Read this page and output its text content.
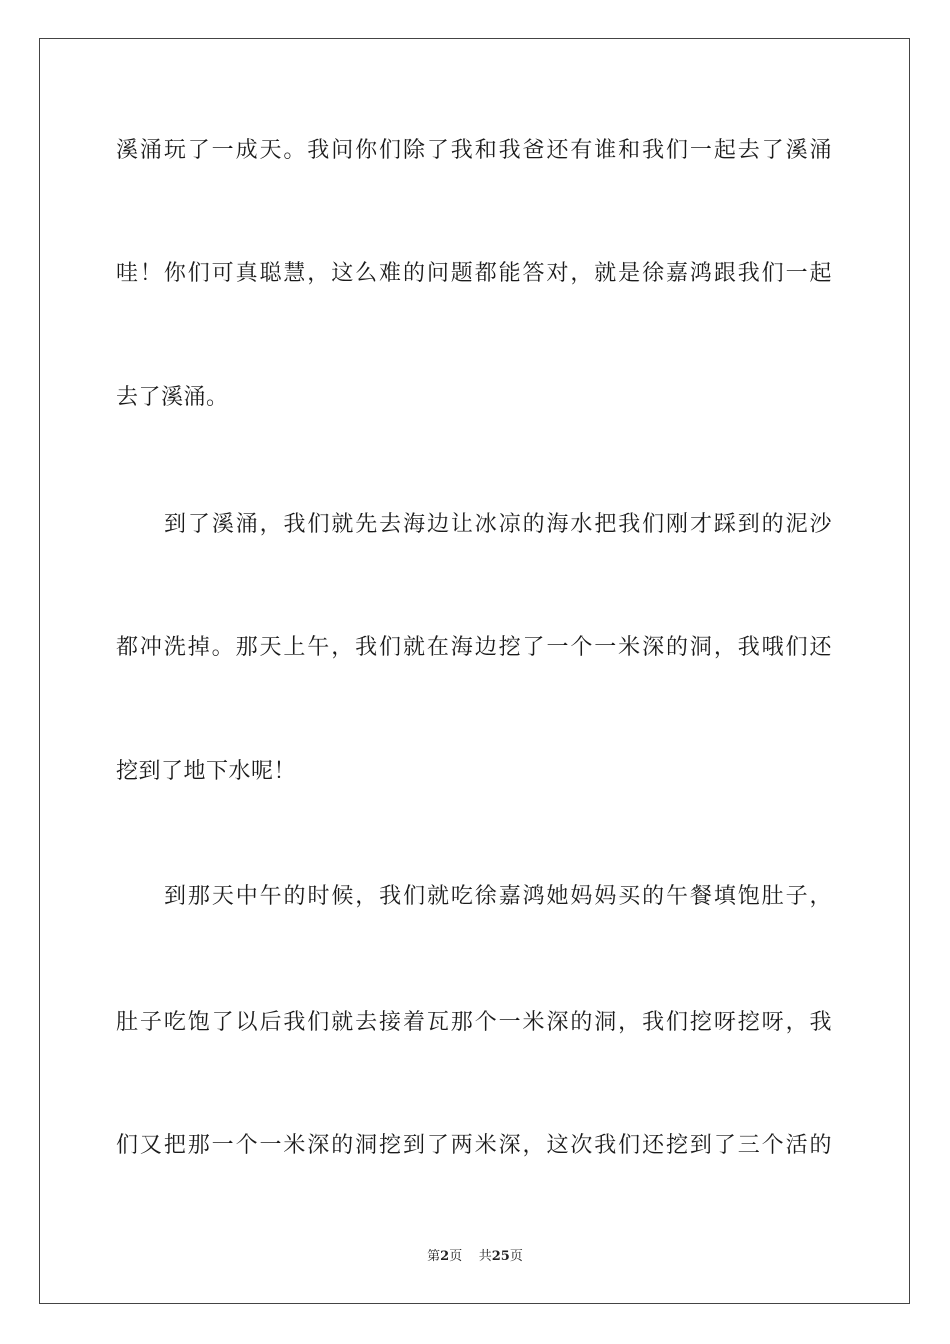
溪涌玩了一成天。我问你们除了我和我爸还有谁和我们一起去了溪涌
哇！你们可真聪慧，这么难的问题都能答对，就是徐嘉鸿跟我们一起
去了溪涌。
到了溪涌，我们就先去海边让冰凉的海水把我们刚才踩到的泥沙
都冲洗掉。那天上午，我们就在海边挖了一个一米深的洞，我哦们还
挖到了地下水呢！
到那天中午的时候，我们就吃徐嘉鸿她妈妈买的午餐填饱肚子，
肚子吃饱了以后我们就去接着瓦那个一米深的洞，我们挖呀挖呀，我
们又把那一个一米深的洞挖到了两米深，这次我们还挖到了三个活的
第2页 共25页
